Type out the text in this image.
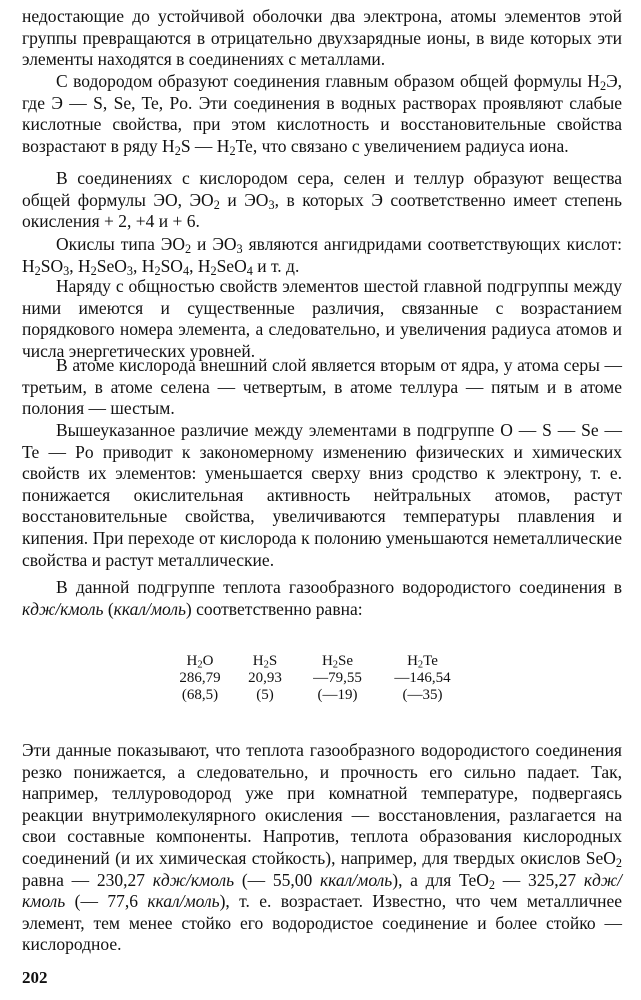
недостающие до устойчивой оболочки два электрона, атомы элементов этой группы превращаются в отрицательно двухзарядные ионы, в виде которых эти элементы находятся в соединениях с металлами.

С водородом образуют соединения главным образом общей формулы $H_2Э$, где Э — S, Se, Te, Po. Эти соединения в водных растворах проявляют слабые кислотные свойства, при этом кислотность и восстановительные свойства возрастают в ряду $H_2S$ — $H_2Te$, что связано с увеличением радиуса иона.

В соединениях с кислородом сера, селен и теллур образуют вещества общей формулы ЭO, $ЭO_2$ и $ЭO_3$, в которых Э соответственно имеет степень окисления + 2, +4 и + 6.

Окислы типа $ЭO_2$ и $ЭO_3$ являются ангидридами соответствующих кислот: $H_2SO_3$, $H_2SeO_3$, $H_2SO_4$, $H_2SeO_4$ и т. д.

Наряду с общностью свойств элементов шестой главной подгруппы между ними имеются и существенные различия, связанные с возрастанием порядкового номера элемента, а следовательно, и увеличения радиуса атомов и числа энергетических уровней.

В атоме кислорода внешний слой является вторым от ядра, у атома серы — третьим, в атоме селена — четвертым, в атоме теллура — пятым и в атоме полония — шестым.

Вышеуказанное различие между элементами в подгруппе O — S — Se — Te — Po приводит к закономерному изменению физических и химических свойств их элементов: уменьшается сверху вниз сродство к электрону, т. е. понижается окислительная активность нейтральных атомов, растут восстановительные свойства, увеличиваются температуры плавления и кипения. При переходе от кислорода к полонию уменьшаются неметаллические свойства и растут металлические.

В данной подгруппе теплота газообразного водородистого соединения в кдж/кмоль (ккал/моль) соответственно равна:

$H_2O$	$H_2S$	$H_2Se$	$H_2Te$
286,79	20,93	—79,55	—146,54
(68,5)	(5)	(—19)	(—35)

Эти данные показывают, что теплота газообразного водородистого соединения резко понижается, а следовательно, и прочность его сильно падает. Так, например, теллуроводород уже при комнатной температуре, подвергаясь реакции внутримолекулярного окисления — восстановления, разлагается на свои составные компоненты. Напротив, теплота образования кислородных соединений (и их химическая стойкость), например, для твердых окислов SeO$_2$ равна — 230,27 кдж/кмоль (— 55,00 ккал/моль), а для TeO$_2$ — 325,27 кдж/кмоль (— 77,6 ккал/моль), т. е. возрастает. Известно, что чем металличнее элемент, тем менее стойко его водородистое соединение и более стойко — кислородное.

202
